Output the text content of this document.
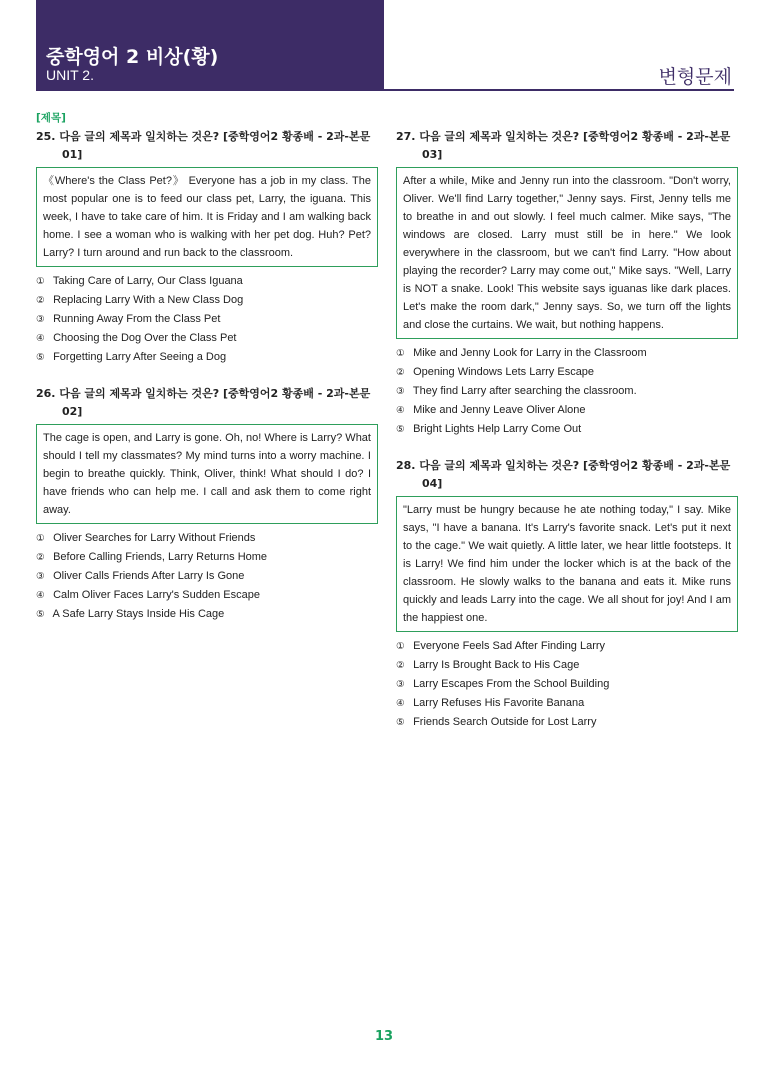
중학영어 2 비상(황)
UNIT 2.	변형문제
[제목]
25. 다음 글의 제목과 일치하는 것은? [중학영어2 황종배 - 2과-본문 01]
《Where's the Class Pet?》 Everyone has a job in my class. The most popular one is to feed our class pet, Larry, the iguana. This week, I have to take care of him. It is Friday and I am walking back home. I see a woman who is walking with her pet dog. Huh? Pet? Larry? I turn around and run back to the classroom.
① Taking Care of Larry, Our Class Iguana
② Replacing Larry With a New Class Dog
③ Running Away From the Class Pet
④ Choosing the Dog Over the Class Pet
⑤ Forgetting Larry After Seeing a Dog
26. 다음 글의 제목과 일치하는 것은? [중학영어2 황종배 - 2과-본문 02]
The cage is open, and Larry is gone. Oh, no! Where is Larry? What should I tell my classmates? My mind turns into a worry machine. I begin to breathe quickly. Think, Oliver, think! What should I do? I have friends who can help me. I call and ask them to come right away.
① Oliver Searches for Larry Without Friends
② Before Calling Friends, Larry Returns Home
③ Oliver Calls Friends After Larry Is Gone
④ Calm Oliver Faces Larry's Sudden Escape
⑤ A Safe Larry Stays Inside His Cage
27. 다음 글의 제목과 일치하는 것은? [중학영어2 황종배 - 2과-본문 03]
After a while, Mike and Jenny run into the classroom. "Don't worry, Oliver. We'll find Larry together," Jenny says. First, Jenny tells me to breathe in and out slowly. I feel much calmer. Mike says, "The windows are closed. Larry must still be in here." We look everywhere in the classroom, but we can't find Larry. "How about playing the recorder? Larry may come out," Mike says. "Well, Larry is NOT a snake. Look! This website says iguanas like dark places. Let's make the room dark," Jenny says. So, we turn off the lights and close the curtains. We wait, but nothing happens.
① Mike and Jenny Look for Larry in the Classroom
② Opening Windows Lets Larry Escape
③ They find Larry after searching the classroom.
④ Mike and Jenny Leave Oliver Alone
⑤ Bright Lights Help Larry Come Out
28. 다음 글의 제목과 일치하는 것은? [중학영어2 황종배 - 2과-본문 04]
"Larry must be hungry because he ate nothing today," I say. Mike says, "I have a banana. It's Larry's favorite snack. Let's put it next to the cage." We wait quietly. A little later, we hear little footsteps. It is Larry! We find him under the locker which is at the back of the classroom. He slowly walks to the banana and eats it. Mike runs quickly and leads Larry into the cage. We all shout for joy! And I am the happiest one.
① Everyone Feels Sad After Finding Larry
② Larry Is Brought Back to His Cage
③ Larry Escapes From the School Building
④ Larry Refuses His Favorite Banana
⑤ Friends Search Outside for Lost Larry
13
